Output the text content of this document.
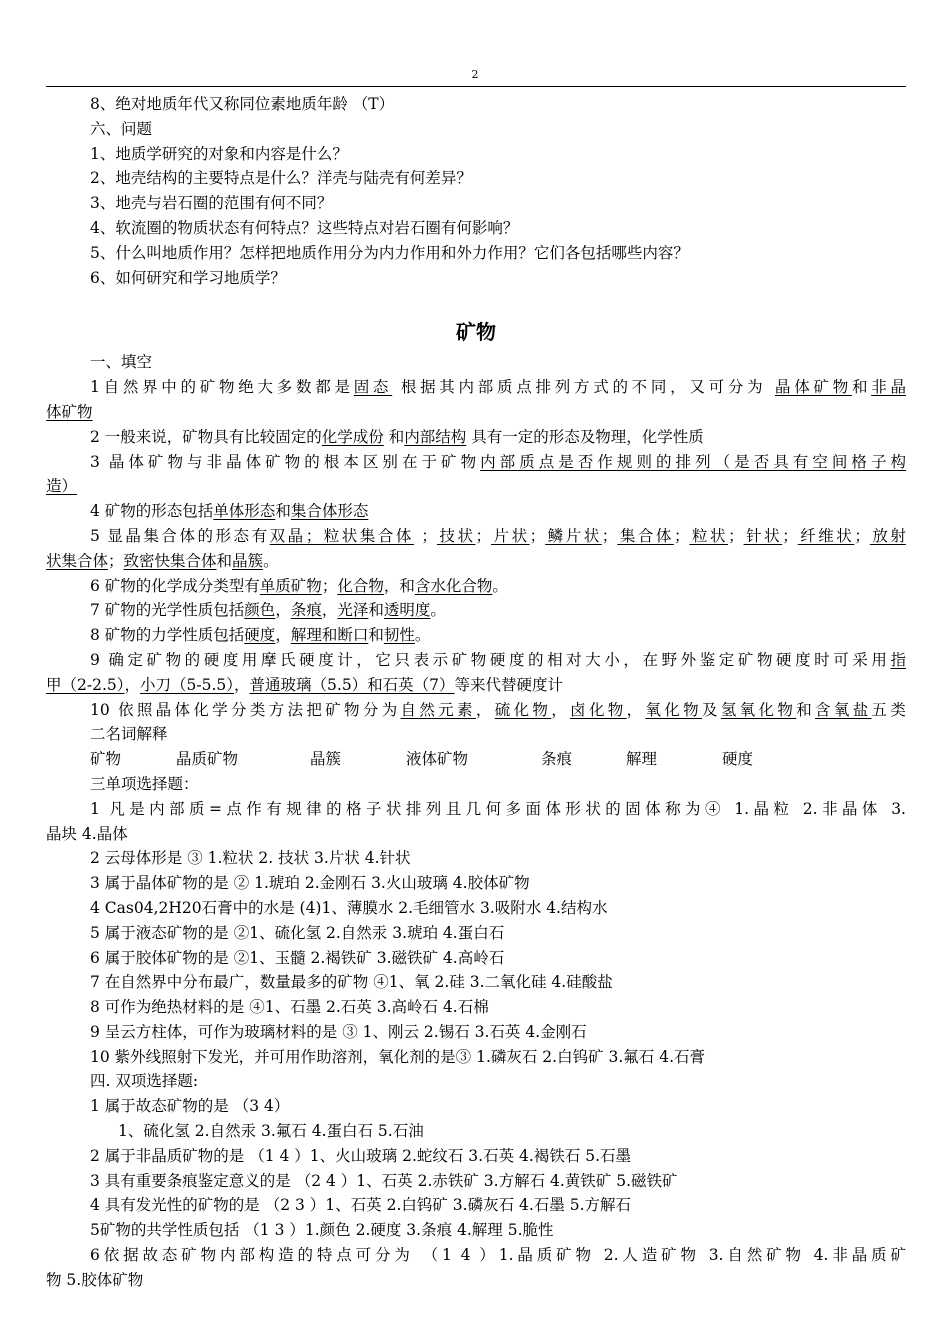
2
8、绝对地质年代又称同位素地质年龄 （T）
六、问题
1、地质学研究的对象和内容是什么？
2、地壳结构的主要特点是什么？洋壳与陆壳有何差异？
3、地壳与岩石圈的范围有何不同？
4、软流圈的物质状态有何特点？这些特点对岩石圈有何影响？
5、什么叫地质作用？怎样把地质作用分为内力作用和外力作用？它们各包括哪些内容？
6、如何研究和学习地质学？
矿物
一、填空
1自然界中的矿物绝大多数都是固态 根据其内部质点排列方式的不同，又可分为 晶体矿物和非晶
体矿物
2 一般来说，矿物具有比较固定的化学成份 和内部结构 具有一定的形态及物理，化学性质
3 晶体矿物与非晶体矿物的根本区别在于矿物内部质点是否作规则的排列（是否具有空间格子构
造）
4 矿物的形态包括单体形态和集合体形态
5 显晶集合体的形态有双晶；粒状集合体 ；技状；片状；鳞片状；集合体；粒状；针状；纤维状；放射
状集合体；致密快集合体和晶簇。
6 矿物的化学成分类型有单质矿物；化合物，和含水化合物。
7 矿物的光学性质包括颜色，条痕，光泽和透明度。
8 矿物的力学性质包括硬度，解理和断口和韧性。
9 确定矿物的硬度用摩氏硬度计，它只表示矿物硬度的相对大小，在野外鉴定矿物硬度时可采用指
甲（2-2.5），小刀（5-5.5），普通玻璃（5.5）和石英（7）等来代替硬度计
10 依照晶体化学分类方法把矿物分为自然元素，硫化物，卤化物，氧化物及氢氧化物和含氧盐五类
二名词解释
矿物	晶质矿物	晶簇	液体矿物	条痕	解理	硬度
三单项选择题：
1 凡是内部质=点作有规律的格子状排列且几何多面体形状的固体称为④ 1.晶粒 2.非晶体 3.
晶块 4.晶体
2 云母体形是 ③ 1.粒状 2. 技状 3.片状 4.针状
3 属于晶体矿物的是 ② 1.琥珀 2.金刚石 3.火山玻璃 4.胶体矿物
4 Cas04,2H20石膏中的水是 (4)1、薄膜水 2.毛细管水 3.吸附水 4.结构水
5 属于液态矿物的是 ②1、硫化氢 2.自然汞 3.琥珀 4.蛋白石
6 属于胶体矿物的是 ②1、玉髓 2.褐铁矿 3.磁铁矿 4.高岭石
7 在自然界中分布最广，数量最多的矿物 ④1、氧 2.硅 3.二氧化硅 4.硅酸盐
8 可作为绝热材料的是 ④1、石墨 2.石英 3.高岭石 4.石棉
9 呈云方柱体，可作为玻璃材料的是 ③ 1、刚云 2.锡石 3.石英 4.金刚石
10 紫外线照射下发光，并可用作助溶剂，氧化剂的是③ 1.磷灰石 2.白钨矿 3.氟石 4.石膏
四. 双项选择题:
1 属于故态矿物的是 （3 4）
1、硫化氢 2.自然汞 3.氟石 4.蛋白石 5.石油
2 属于非晶质矿物的是 （1 4 ）1、火山玻璃 2.蛇纹石 3.石英 4.褐铁石 5.石墨
3 具有重要条痕鉴定意义的是 （2 4 ）1、石英 2.赤铁矿 3.方解石 4.黄铁矿 5.磁铁矿
4 具有发光性的矿物的是 （2 3 ）1、石英 2.白钨矿 3.磷灰石 4.石墨 5.方解石
5矿物的共学性质包括 （1 3 ）1.颜色 2.硬度 3.条痕 4.解理 5.脆性
6依据故态矿物内部构造的特点可分为 （1 4 ）1.晶质矿物 2.人造矿物 3.自然矿物 4.非晶质矿
物 5.胶体矿物
